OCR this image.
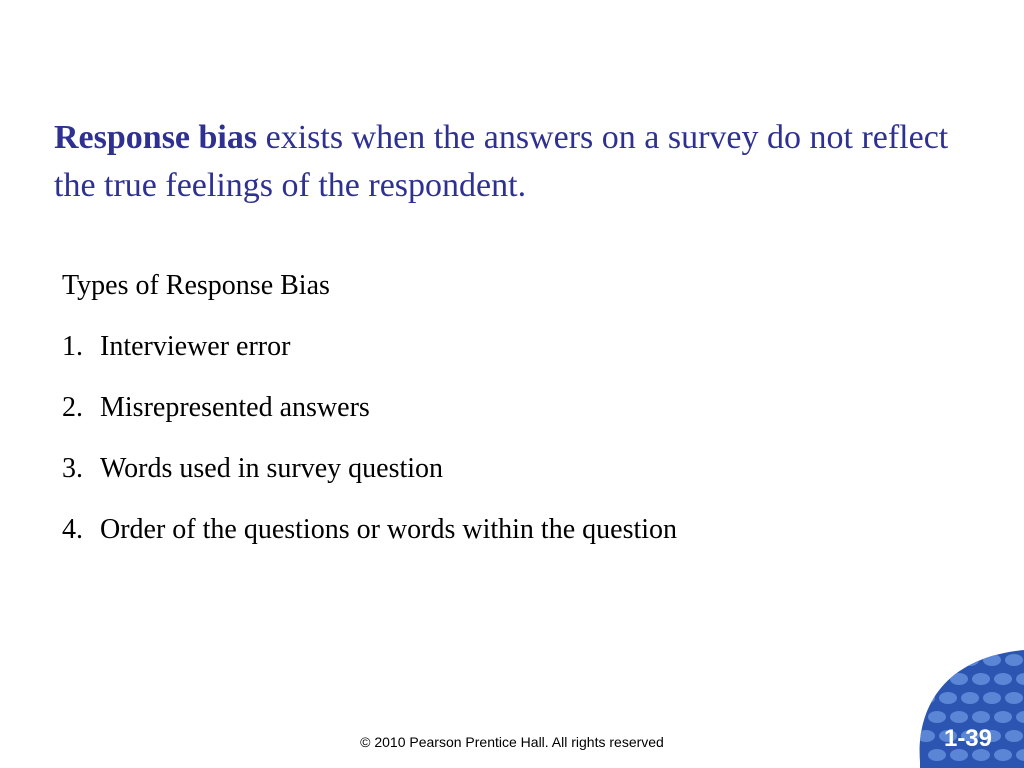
Response bias exists when the answers on a survey do not reflect the true feelings of the respondent.

Types of Response Bias
1. Interviewer error
2. Misrepresented answers
3. Words used in survey question
4. Order of the questions or words within the question
© 2010 Pearson Prentice Hall. All rights reserved	1-39
